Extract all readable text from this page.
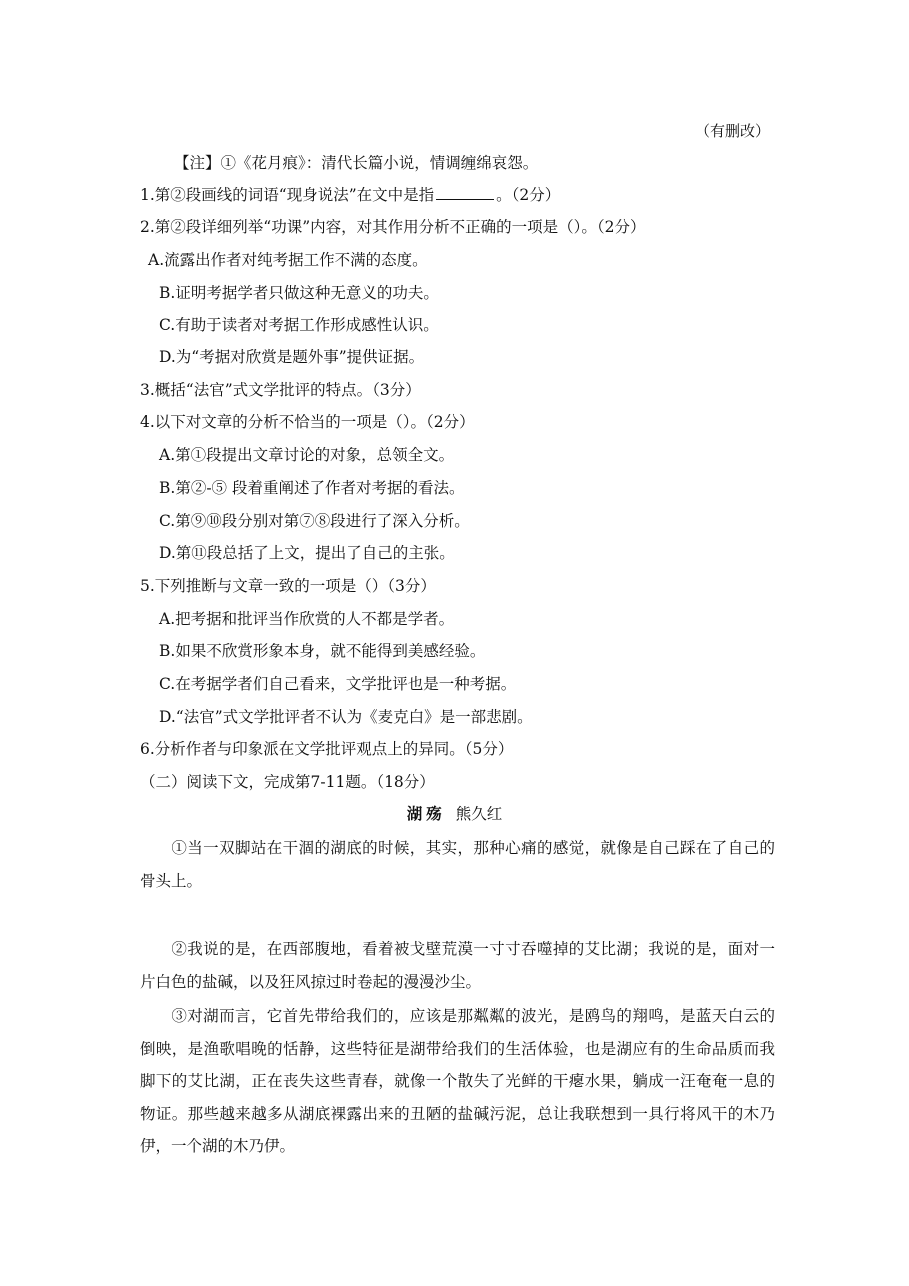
（有删改）
【注】①《花月痕》：清代长篇小说，情调缠绵哀怨。
1.第②段画线的词语“现身说法”在文中是指	。（2分）
2.第②段详细列举“功课”内容，对其作用分析不正确的一项是（）。（2分）
A.流露出作者对纯考据工作不满的态度。
B.证明考据学者只做这种无意义的功夫。
C.有助于读者对考据工作形成感性认识。
D.为“考据对欣赏是题外事”提供证据。
3.概括“法官”式文学批评的特点。（3分）
4.以下对文章的分析不恰当的一项是（）。（2分）
A.第①段提出文章讨论的对象，总领全文。
B.第②-⑤ 段着重阐述了作者对考据的看法。
C.第⑨⑩段分别对第⑦⑧段进行了深入分析。
D.第⑪段总括了上文，提出了自己的主张。
5.下列推断与文章一致的一项是（）（3分）
A.把考据和批评当作欣赏的人不都是学者。
B.如果不欣赏形象本身，就不能得到美感经验。
C.在考据学者们自己看来，文学批评也是一种考据。
D.“法官”式文学批评者不认为《麦克白》是一部悲剧。
6.分析作者与印象派在文学批评观点上的异同。（5分）
（二）阅读下文，完成第7-11题。（18分）
湖殇 熊久红
①当一双脚站在干涸的湖底的时候，其实，那种心痛的感觉，就像是自己踩在了自己的骨头上。
②我说的是，在西部腹地，看着被戈壁荒漠一寸寸吞噬掉的艾比湖；我说的是，面对一片白色的盐碱，以及狂风掠过时卷起的漫漫沙尘。
③对湖而言，它首先带给我们的，应该是那粼粼的波光，是鸥鸟的翔鸣，是蓝天白云的倒映，是渔歌唱晚的恬静，这些特征是湖带给我们的生活体验，也是湖应有的生命品质而我脚下的艾比湖，正在丧失这些青春，就像一个散失了光鲜的干瘪水果，躺成一汪奄奄一息的物证。那些越来越多从湖底裸露出来的丑陋的盐碱污泥，总让我联想到一具行将风干的木乃伊，一个湖的木乃伊。
